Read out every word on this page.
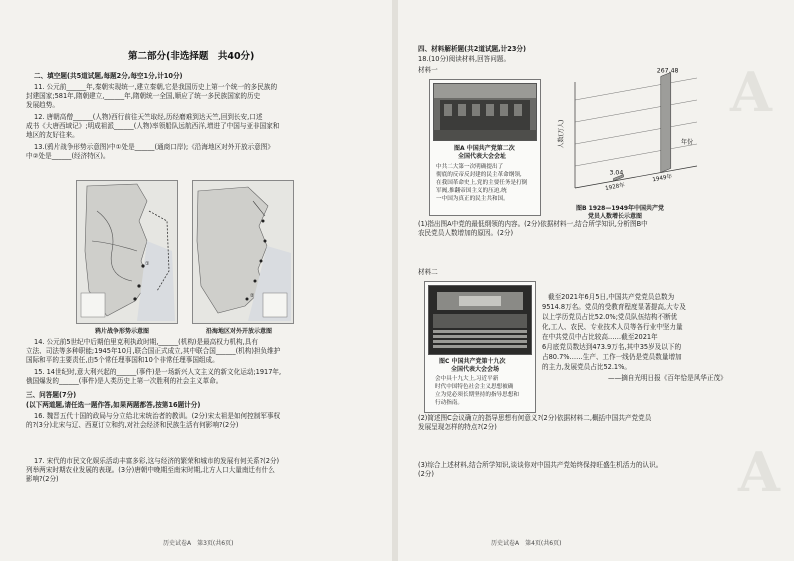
第二部分(非选择题　共40分)
二、填空题(共5道试题,每题2分,每空1分,计10分)
11. 公元前______年,秦朝实现统一,建立秦朝,它是我国历史上第一个统一的多民族的
封建国家;581年,隋朝建立,______年,隋朝统一全国,顺应了统一多民族国家的历史
发展趋势。
12. 唐朝高僧______(人物)西行前往天竺取经,历经磨难到达天竺,回到长安,口述
成书《大唐西域记》;明成祖派______(人物)率领船队远航西洋,增进了中国与亚非国家和
地区的友好往来。
13.(鸦片战争形势示意图)中①处是______(通商口岸);《沿海地区对外开放示意图》
中②处是______(经济特区)。
①
②
鸦片战争形势示意图	沿海地区对外开放示意图
14. 公元前5世纪中后期伯里克利执政时期,______(机构)是最高权力机构,具有
立法、司法等多种职能;1945年10月,联合国正式成立,其中联合国______(机构)担负维护
国际和平的主要责任,由5个常任理事国和10个非常任理事国组成。
15. 14世纪时,意大利兴起的______(事件)是一场新兴人文主义的新文化运动;1917年,
俄国爆发的______(事件)是人类历史上第一次胜利的社会主义革命。
三、问答题(7分)
(以下两道题,请任选一题作答,如果两题都答,按第16题计分)
16. 魏晋五代十国的政局与分立给北宋统治者的教训。(2分)宋太祖是如何控制军事权
的?(3分)北宋与辽、西夏订立和约,对社会经济和民族生活有何影响?(2分)
17. 宋代的市民文化娱乐活动丰富多彩,这与经济的繁荣和城市的发展有何关系?(2分)
列举两宋时期农业发展的表现。(3分)唐朝中晚期至南宋时期,北方人口大量南迁有什么
影响?(2分)
历史试卷A　第3页(共6页)
A
A
四、材料解析题(共2道试题,计23分)
18.(10分)阅读材料,回答问题。
材料一
图A 中国共产党第二次
全国代表大会会址
中共二大第一次明确提出了
彻底的反帝反封建的民主革命纲领,
在我国革命史上,党的主要任务是打倒
军阀,推翻帝国主义的压迫,统
一中国为真正的民主共和国。
3.04
1928年
267.48
1949年
人数(万人)	年份
图B 1928—1949年中国共产党
党员人数增长示意图
(1)指出图A中党的最低纲领的内容。(2分)依据材料一,结合所学知识,分析图B中
农民党员人数增加的原因。(2分)
材料二
图C 中国共产党第十九次
全国代表大会会场
会中具十九大上,习近平新
时代中国特色社会主义思想被确
立为党必须长期坚持的指导思想和
行动指南。
截至2021年6月5日,中国共产党党员总数为
9514.8万名。党员的受教育程度显著提高,大专及
以上学历党员占比52.0%;党员队伍结构不断优
化,工人、农民、专业技术人员等各行业中坚力量
在中共党员中占比较高……截至2021年
6月底党员数达到473.9万名,其中35岁及以下的
占80.7%……生产、工作一线仍是党员数量增加
的主力,发展党员占比52.1%。
——摘自光明日报《百年恰是风华正茂》
(2)简述图C会议确立的指导思想有何意义?(2分)依据材料二,概括中国共产党党员
发展呈现怎样的特点?(2分)
(3)综合上述材料,结合所学知识,谈谈你对中国共产党始终保持旺盛生机活力的认识。
(2分)
历史试卷A　第4页(共6页)
